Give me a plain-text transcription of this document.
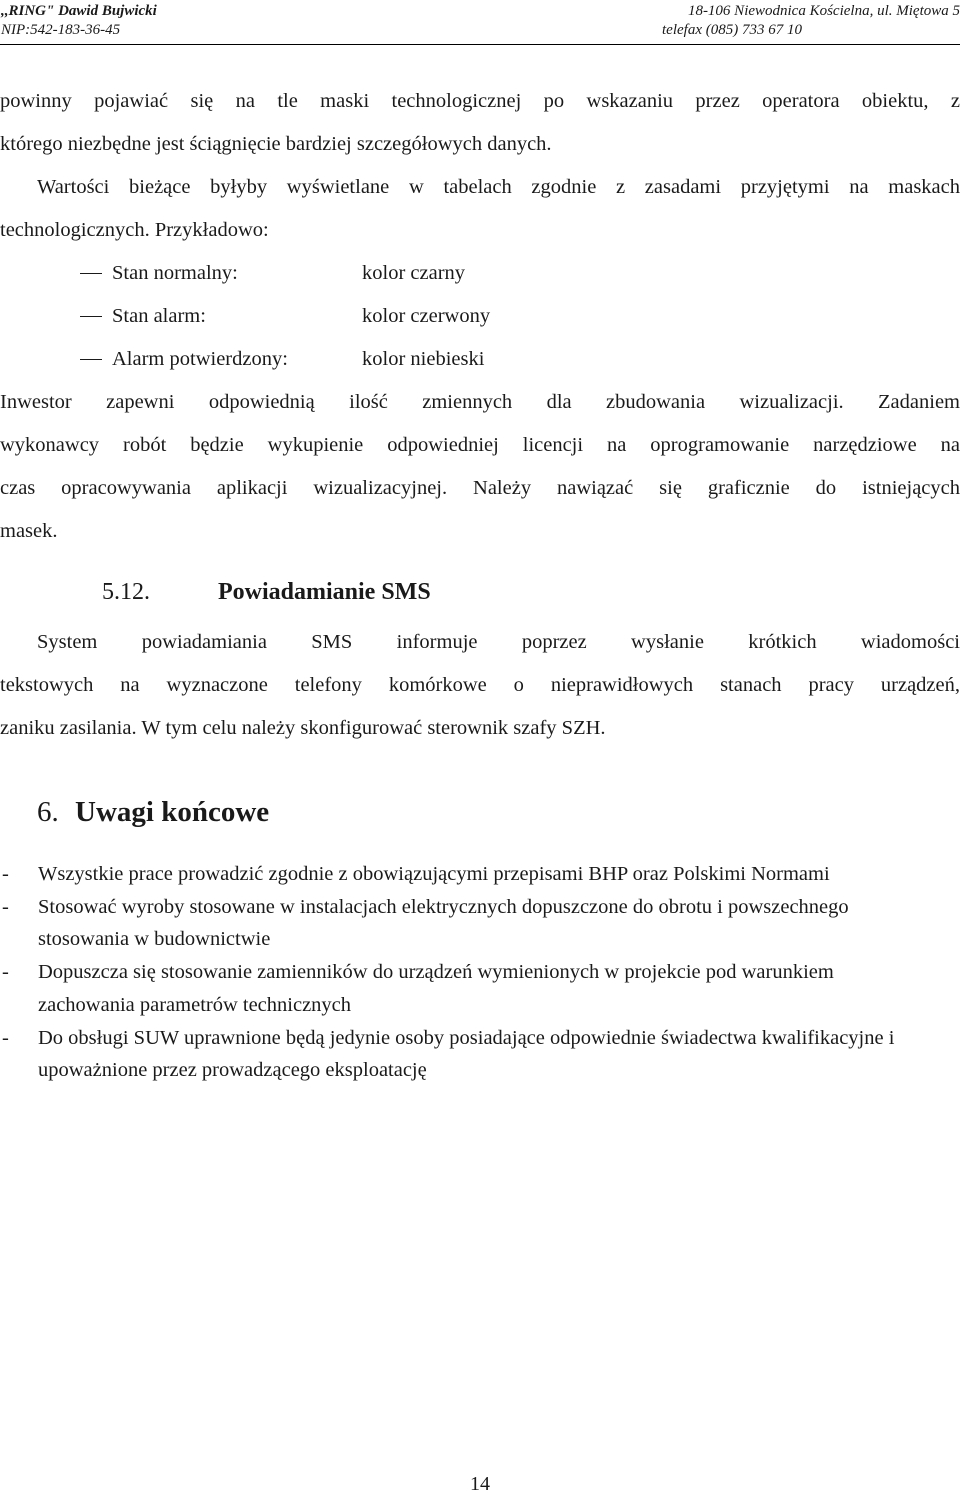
,,RING" Dawid Bujwicki
NIP:542-183-36-45
18-106 Niewodnica Kościelna, ul. Miętowa 5
telefax (085) 733 67 10
powinny pojawiać się na tle maski technologicznej po wskazaniu przez operatora obiektu, z
którego niezbędne jest ściągnięcie bardziej szczegółowych danych.
Wartości bieżące byłyby wyświetlane w tabelach zgodnie z zasadami przyjętymi na maskach
technologicznych. Przykładowo:
Stan normalny:	kolor czarny
Stan alarm:	kolor czerwony
Alarm potwierdzony:	kolor niebieski
Inwestor zapewni odpowiednią ilość zmiennych dla zbudowania wizualizacji. Zadaniem
wykonawcy robót będzie wykupienie odpowiedniej licencji na oprogramowanie narzędziowe na
czas opracowywania aplikacji wizualizacyjnej. Należy nawiązać się graficznie do istniejących
masek.
5.12.	Powiadamianie SMS
System powiadamiania SMS informuje poprzez wysłanie krótkich wiadomości
tekstowych na wyznaczone telefony komórkowe o nieprawidłowych stanach pracy urządzeń,
zaniku zasilania. W tym celu należy skonfigurować sterownik szafy SZH.
6. Uwagi końcowe
-	Wszystkie prace prowadzić zgodnie z obowiązującymi przepisami BHP oraz Polskimi Normami
-	Stosować wyroby stosowane w instalacjach elektrycznych dopuszczone do obrotu i powszechnego stosowania w budownictwie
-	Dopuszcza się stosowanie zamienników do urządzeń wymienionych w projekcie pod warunkiem zachowania parametrów technicznych
-	Do obsługi SUW uprawnione będą jedynie osoby posiadające odpowiednie świadectwa kwalifikacyjne i upoważnione przez prowadzącego eksploatację
14
